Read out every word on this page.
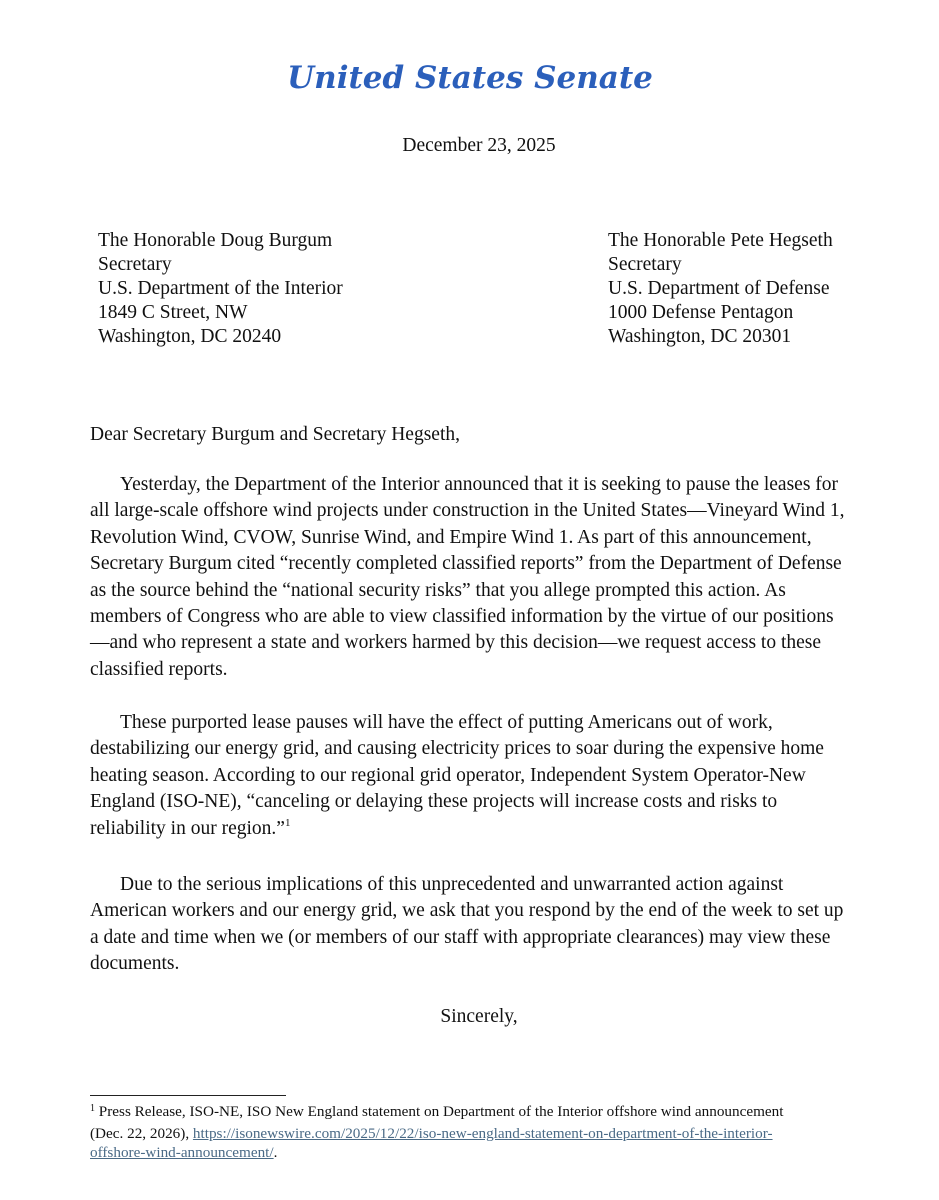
United States Senate
December 23, 2025
The Honorable Doug Burgum
Secretary
U.S. Department of the Interior
1849 C Street, NW
Washington, DC 20240
The Honorable Pete Hegseth
Secretary
U.S. Department of Defense
1000 Defense Pentagon
Washington, DC 20301
Dear Secretary Burgum and Secretary Hegseth,
Yesterday, the Department of the Interior announced that it is seeking to pause the leases for
all large-scale offshore wind projects under construction in the United States—Vineyard Wind 1,
Revolution Wind, CVOW, Sunrise Wind, and Empire Wind 1. As part of this announcement,
Secretary Burgum cited “recently completed classified reports” from the Department of Defense
as the source behind the “national security risks” that you allege prompted this action. As
members of Congress who are able to view classified information by the virtue of our positions
—and who represent a state and workers harmed by this decision—we request access to these
classified reports.
These purported lease pauses will have the effect of putting Americans out of work,
destabilizing our energy grid, and causing electricity prices to soar during the expensive home
heating season. According to our regional grid operator, Independent System Operator-New
England (ISO-NE), “canceling or delaying these projects will increase costs and risks to
reliability in our region.”$^1$
Due to the serious implications of this unprecedented and unwarranted action against
American workers and our energy grid, we ask that you respond by the end of the week to set up
a date and time when we (or members of our staff with appropriate clearances) may view these
documents.
Sincerely,
$^1$ Press Release, ISO-NE, ISO New England statement on Department of the Interior offshore wind announcement
(Dec. 22, 2026), https://isonewswire.com/2025/12/22/iso-new-england-statement-on-department-of-the-interior-
offshore-wind-announcement/.
